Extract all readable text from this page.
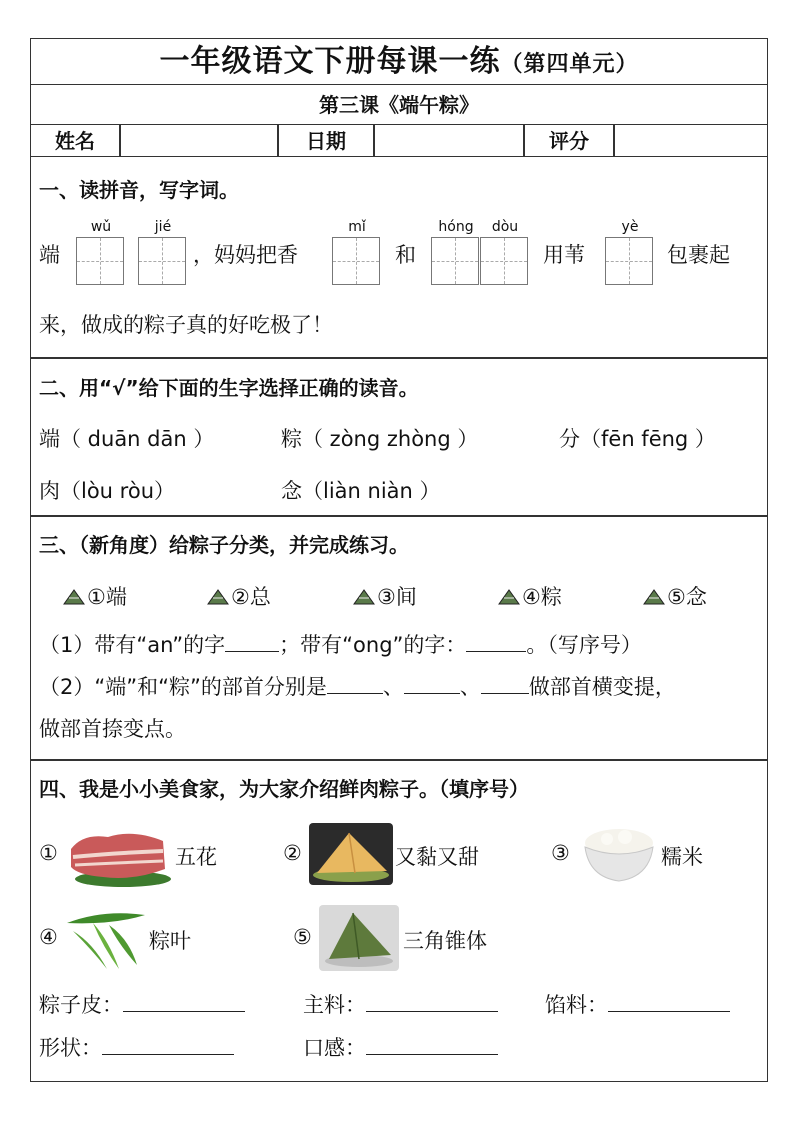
一年级语文下册每课一练（第四单元）
第三课《端午粽》
姓名	日期	评分
一、读拼音，写字词。
wǔ	jié	mǐ	hóng	dòu	yè
端	，妈妈把香	和	用苇	包裹起
来，做成的粽子真的好吃极了！
二、用“√”给下面的生字选择正确的读音。
端（ duān dān ）	粽（ zòng zhòng ）	分（fēn fēng ）
肉（lòu ròu）	念（liàn niàn ）
三、（新角度）给粽子分类，并完成练习。
①端	②总	③间	④粽	⑤念
（1）带有“an”的字	；带有“ong”的字：	。（写序号）
（2）“端”和“粽”的部首分别是	、	、 做部首横变提，
做部首捺变点。
四、我是小小美食家，为大家介绍鲜肉粽子。（填序号）
①	五花	②	又黏又甜	③	糯米
④	粽叶	⑤	三角锥体
粽子皮：	主料：	馅料：
形状：	口感：
